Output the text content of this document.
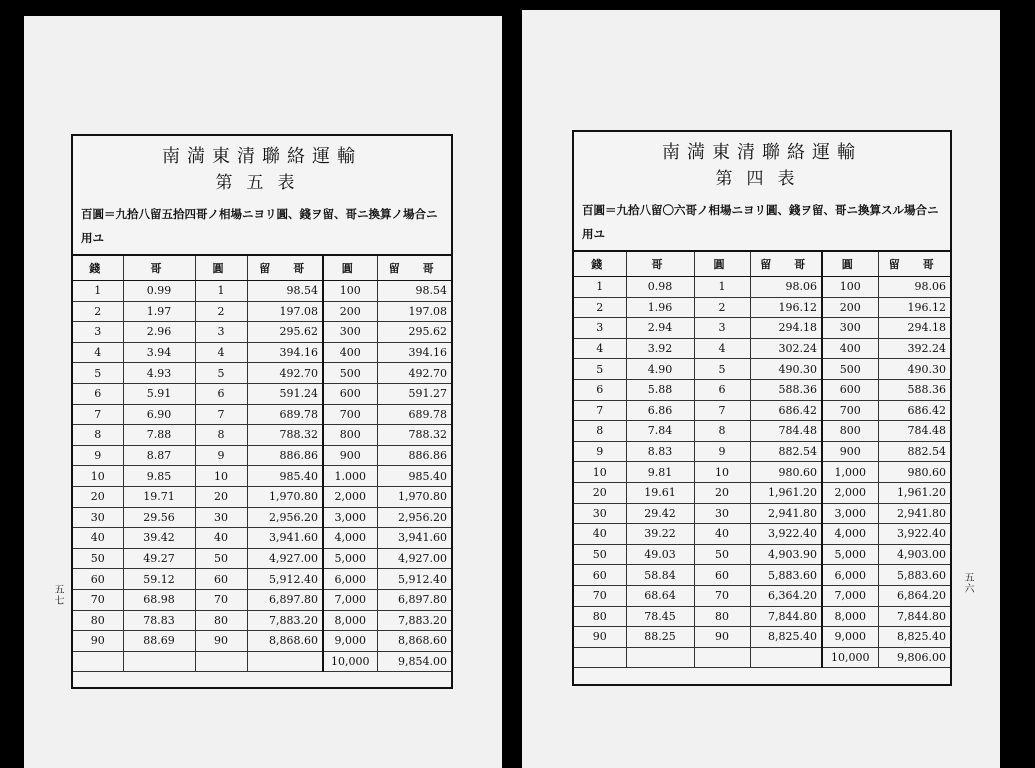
五七
南満東清聯絡運輸
第五表
百圓＝九拾八留五拾四哥ノ相場ニヨリ圓、錢ヲ留、哥ニ換算ノ場合ニ用ユ
錢	哥	圓	留　哥	圓	留　哥
1	0.99	1	98.54	100	98.54
2	1.97	2	197.08	200	197.08
3	2.96	3	295.62	300	295.62
4	3.94	4	394.16	400	394.16
5	4.93	5	492.70	500	492.70
6	5.91	6	591.24	600	591.27
7	6.90	7	689.78	700	689.78
8	7.88	8	788.32	800	788.32
9	8.87	9	886.86	900	886.86
10	9.85	10	985.40	1.000	985.40
20	19.71	20	1,970.80	2,000	1,970.80
30	29.56	30	2,956.20	3,000	2,956.20
40	39.42	40	3,941.60	4,000	3,941.60
50	49.27	50	4,927.00	5,000	4,927.00
60	59.12	60	5,912.40	6,000	5,912.40
70	68.98	70	6,897.80	7,000	6,897.80
80	78.83	80	7,883.20	8,000	7,883.20
90	88.69	90	8,868.60	9,000	8,868.60
				10,000	9,854.00
五六
南満東清聯絡運輸
第四表
百圓＝九拾八留〇六哥ノ相場ニヨリ圓、錢ヲ留、哥ニ換算スル場合ニ用ユ
錢	哥	圓	留　哥	圓	留　哥
1	0.98	1	98.06	100	98.06
2	1.96	2	196.12	200	196.12
3	2.94	3	294.18	300	294.18
4	3.92	4	302.24	400	392.24
5	4.90	5	490.30	500	490.30
6	5.88	6	588.36	600	588.36
7	6.86	7	686.42	700	686.42
8	7.84	8	784.48	800	784.48
9	8.83	9	882.54	900	882.54
10	9.81	10	980.60	1,000	980.60
20	19.61	20	1,961.20	2,000	1,961.20
30	29.42	30	2,941.80	3,000	2,941.80
40	39.22	40	3,922.40	4,000	3,922.40
50	49.03	50	4,903.90	5,000	4,903.00
60	58.84	60	5,883.60	6,000	5,883.60
70	68.64	70	6,364.20	7,000	6,864.20
80	78.45	80	7,844.80	8,000	7,844.80
90	88.25	90	8,825.40	9,000	8,825.40
				10,000	9,806.00
